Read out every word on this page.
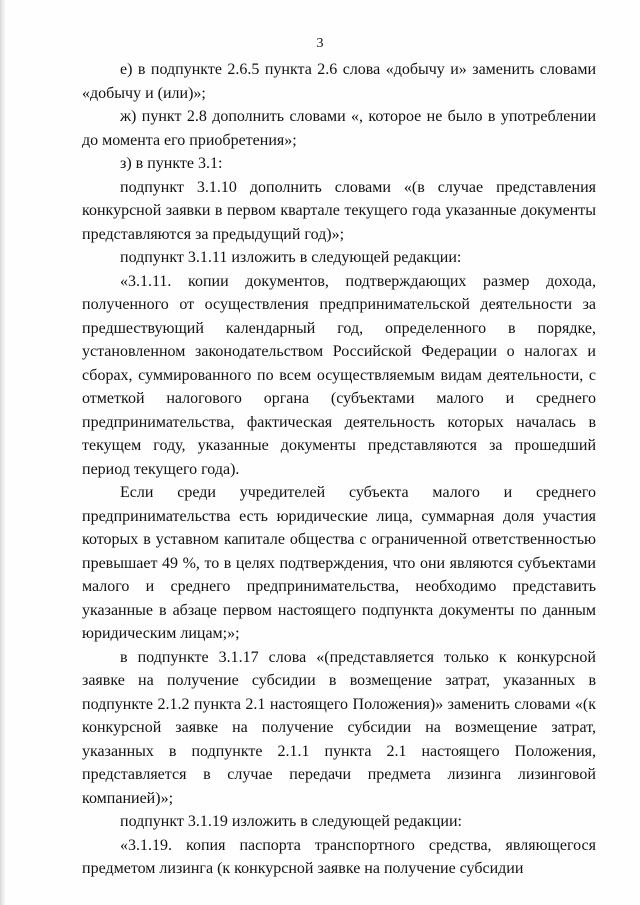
3

е) в подпункте 2.6.5 пункта 2.6 слова «добычу и» заменить словами «добычу и (или)»;

ж) пункт 2.8 дополнить словами «, которое не было в употреблении до момента его приобретения»;

з) в пункте 3.1:

подпункт 3.1.10 дополнить словами «(в случае представления конкурсной заявки в первом квартале текущего года указанные документы представляются за предыдущий год)»;

подпункт 3.1.11 изложить в следующей редакции:

«3.1.11. копии документов, подтверждающих размер дохода, полученного от осуществления предпринимательской деятельности за предшествующий календарный год, определенного в порядке, установленном законодательством Российской Федерации о налогах и сборах, суммированного по всем осуществляемым видам деятельности, с отметкой налогового органа (субъектами малого и среднего предпринимательства, фактическая деятельность которых началась в текущем году, указанные документы представляются за прошедший период текущего года).

Если среди учредителей субъекта малого и среднего предпринимательства есть юридические лица, суммарная доля участия которых в уставном капитале общества с ограниченной ответственностью превышает 49 %, то в целях подтверждения, что они являются субъектами малого и среднего предпринимательства, необходимо представить указанные в абзаце первом настоящего подпункта документы по данным юридическим лицам;»;

в подпункте 3.1.17 слова «(представляется только к конкурсной заявке на получение субсидии в возмещение затрат, указанных в подпункте 2.1.2 пункта 2.1 настоящего Положения)» заменить словами «(к конкурсной заявке на получение субсидии на возмещение затрат, указанных в подпункте 2.1.1 пункта 2.1 настоящего Положения, представляется в случае передачи предмета лизинга лизинговой компанией)»;

подпункт 3.1.19 изложить в следующей редакции:

«3.1.19. копия паспорта транспортного средства, являющегося предметом лизинга (к конкурсной заявке на получение субсидии
